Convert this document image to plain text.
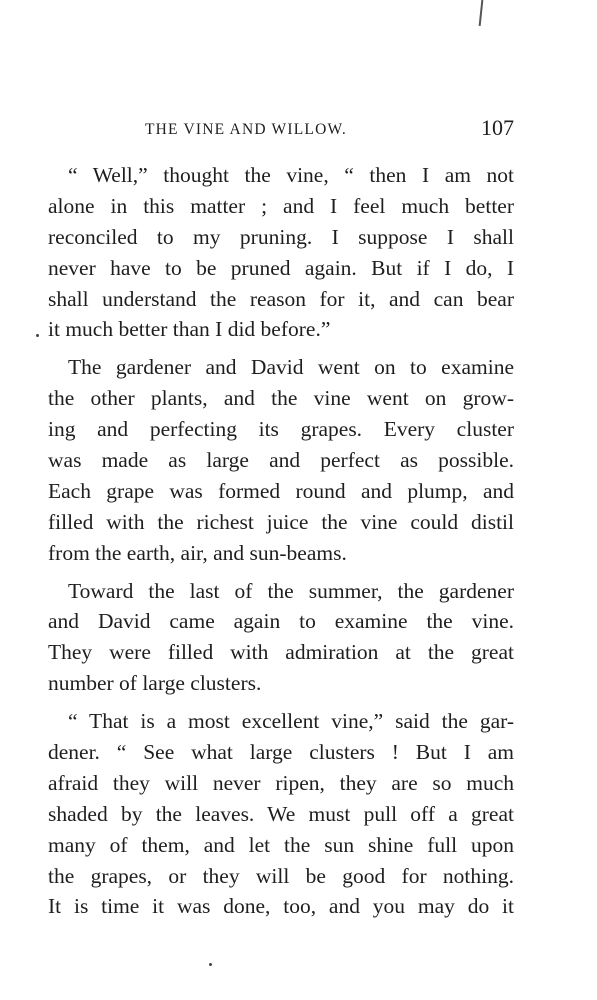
THE VINE AND WILLOW.	107
“ Well,” thought the vine, “ then I am not
alone in this matter ; and I feel much better
reconciled to my pruning. I suppose I shall
never have to be pruned again. But if I do, I
shall understand the reason for it, and can bear
it much better than I did before.”
The gardener and David went on to examine
the other plants, and the vine went on grow-
ing and perfecting its grapes. Every cluster
was made as large and perfect as possible.
Each grape was formed round and plump, and
filled with the richest juice the vine could distil
from the earth, air, and sun-beams.
Toward the last of the summer, the gardener
and David came again to examine the vine.
They were filled with admiration at the great
number of large clusters.
“ That is a most excellent vine,” said the gar-
dener. “ See what large clusters ! But I am
afraid they will never ripen, they are so much
shaded by the leaves. We must pull off a great
many of them, and let the sun shine full upon
the grapes, or they will be good for nothing.
It is time it was done, too, and you may do it
